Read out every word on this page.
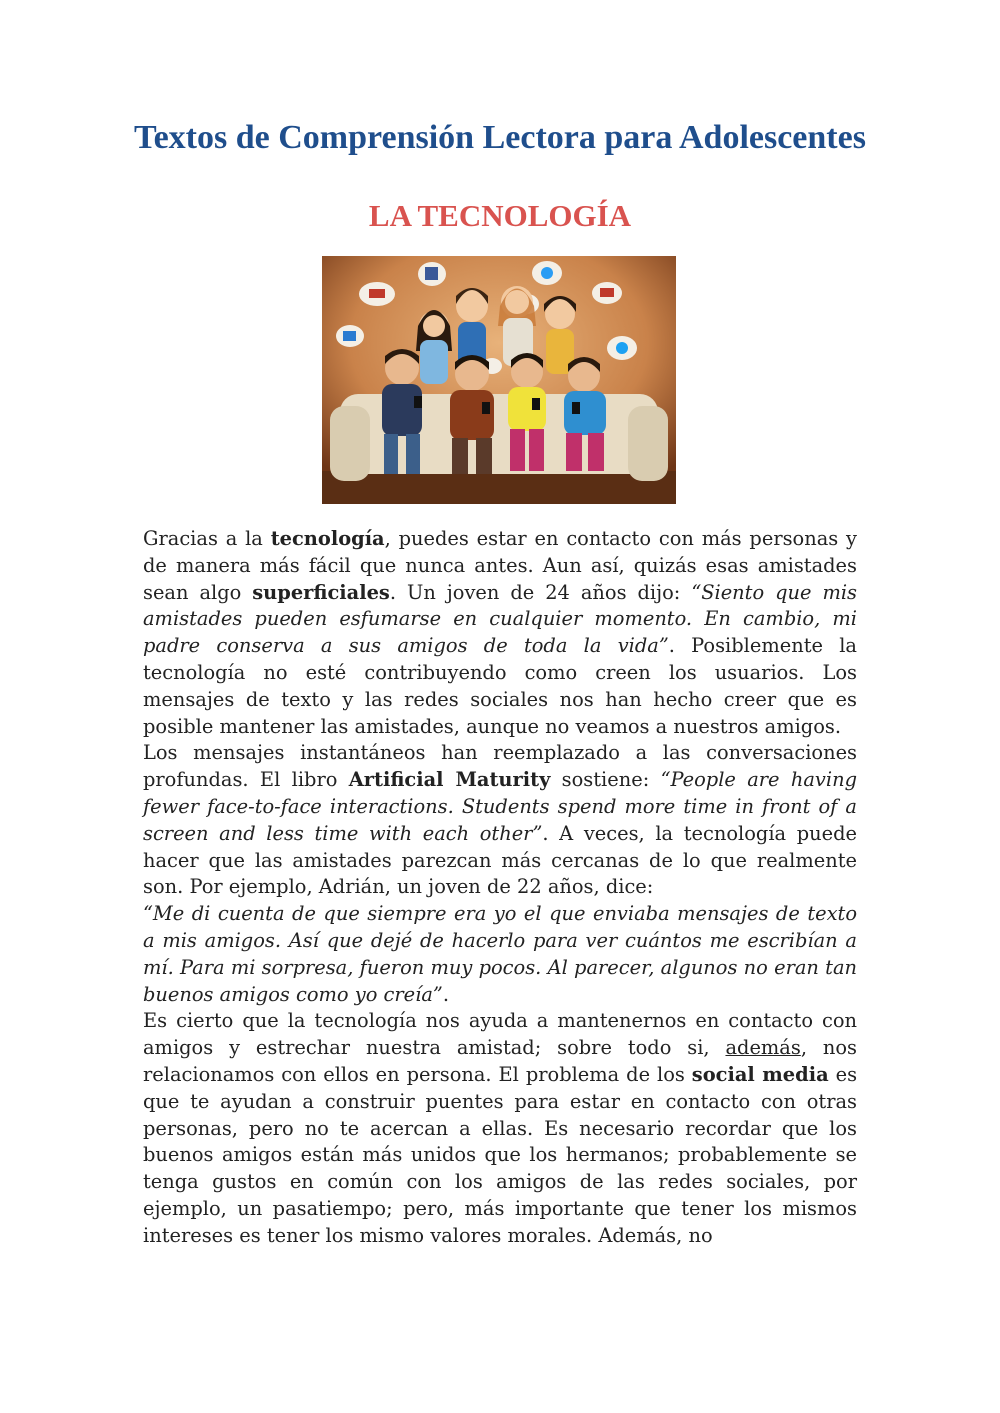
Textos de Comprensión Lectora para Adolescentes
LA TECNOLOGÍA

Gracias a la tecnología, puedes estar en contacto con más personas y de manera más fácil que nunca antes. Aun así, quizás esas amistades sean algo superficiales. Un joven de 24 años dijo: “Siento que mis amistades pueden esfumarse en cualquier momento. En cambio, mi padre conserva a sus amigos de toda la vida”. Posiblemente la tecnología no esté contribuyendo como creen los usuarios. Los mensajes de texto y las redes sociales nos han hecho creer que es posible mantener las amistades, aunque no veamos a nuestros amigos.

Los mensajes instantáneos han reemplazado a las conversaciones profundas. El libro Artificial Maturity sostiene: “People are having fewer face-to-face interactions. Students spend more time in front of a screen and less time with each other”. A veces, la tecnología puede hacer que las amistades parezcan más cercanas de lo que realmente son. Por ejemplo, Adrián, un joven de 22 años, dice:

“Me di cuenta de que siempre era yo el que enviaba mensajes de texto a mis amigos. Así que dejé de hacerlo para ver cuántos me escribían a mí. Para mi sorpresa, fueron muy pocos. Al parecer, algunos no eran tan buenos amigos como yo creía”.

Es cierto que la tecnología nos ayuda a mantenernos en contacto con amigos y estrechar nuestra amistad; sobre todo si, además, nos relacionamos con ellos en persona. El problema de los social media es que te ayudan a construir puentes para estar en contacto con otras personas, pero no te acercan a ellas. Es necesario recordar que los buenos amigos están más unidos que los hermanos; probablemente se tenga gustos en común con los amigos de las redes sociales, por ejemplo, un pasatiempo; pero, más importante que tener los mismos intereses es tener los mismo valores morales. Además, no
